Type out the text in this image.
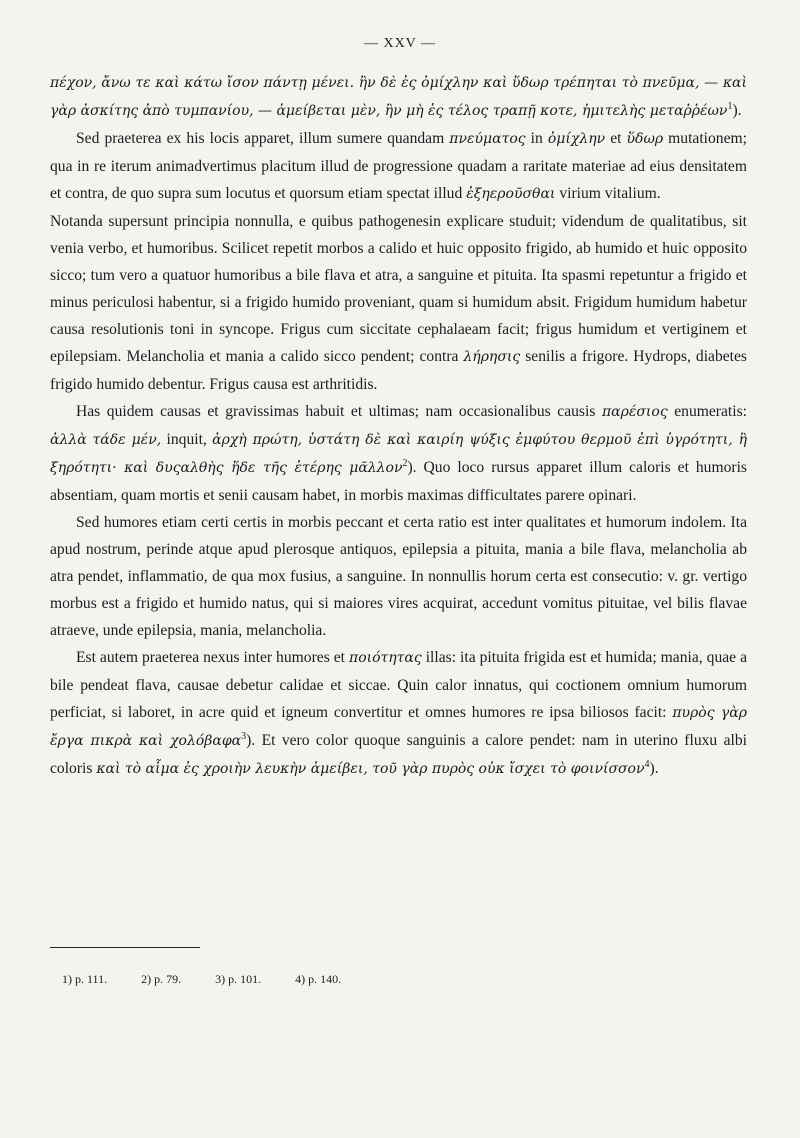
— XXV —

πέχον, ἄνω τε καὶ κάτω ἴσον πάντῃ μένει. ἢν δὲ ἐς ὀμίχλην καὶ ὕδωρ τρέπηται τὸ πνεῦμα, — καὶ γὰρ ἀσκίτης ἀπὸ τυμπανίου, — ἀμείβεται μὲν, ἢν μὴ ἐς τέλος τραπῇ κοτε, ἡμιτελὴς μεταῤῥέων$^1$).

Sed praeterea ex his locis apparet, illum sumere quandam πνεύματος in ὀμίχλην et ὕδωρ mutationem; qua in re iterum animadvertimus placitum illud de progressione quadam a raritate materiae ad eius densitatem et contra, de quo supra sum locutus et quorsum etiam spectat illud ἐξηερoῦσθαι virium vitalium.

Notanda supersunt principia nonnulla, e quibus pathogenesin explicare studuit; videndum de qualitatibus, sit venia verbo, et humoribus. Scilicet repetit morbos a calido et huic opposito frigido, ab humido et huic opposito sicco; tum vero a quatuor humoribus a bile flava et atra, a sanguine et pituita. Ita spasmi repetuntur a frigido et minus periculosi habentur, si a frigido humido proveniant, quam si humidum absit. Frigidum humidum habetur causa resolutionis toni in syncope. Frigus cum siccitate cephalaeam facit; frigus humidum et vertiginem et epilepsiam. Melancholia et mania a calido sicco pendent; contra λήρησις senilis a frigore. Hydrops, diabetes frigido humido debentur. Frigus causa est arthritidis.

Has quidem causas et gravissimas habuit et ultimas; nam occasionalibus causis παρέσιος enumeratis: ἀλλὰ τάδε μέν, inquit, ἀρχὴ πρώτη, ὑστάτη δὲ καὶ καιρίη ψύξις ἐμφύτου θερμοῦ ἐπὶ ὑγρότητι, ἢ ξηρότητι· καὶ δυςαλθὴς ἥδε τῆς ἑτέρης μᾶλλον$^2$). Quo loco rursus apparet illum caloris et humoris absentiam, quam mortis et senii causam habet, in morbis maximas difficultates parere opinari.

Sed humores etiam certi certis in morbis peccant et certa ratio est inter qualitates et humorum indolem. Ita apud nostrum, perinde atque apud plerosque antiquos, epilepsia a pituita, mania a bile flava, melancholia ab atra pendet, inflammatio, de qua mox fusius, a sanguine. In nonnullis horum certa est consecutio: v. gr. vertigo morbus est a frigido et humido natus, qui si maiores vires acquirat, accedunt vomitus pituitae, vel bilis flavae atraeve, unde epilepsia, mania, melancholia.

Est autem praeterea nexus inter humores et ποιότητας illas: ita pituita frigida est et humida; mania, quae a bile pendeat flava, causae debetur calidae et siccae. Quin calor innatus, qui coctionem omnium humorum perficiat, si laboret, in acre quid et igneum convertitur et omnes humores re ipsa biliosos facit: πυρὸς γὰρ ἔργα πικρὰ καὶ χολόβαφα$^3$). Et vero color quoque sanguinis a calore pendet: nam in uterino fluxu albi coloris καὶ τὸ αἷμα ἐς χροιὴν λευκὴν ἀμείβει, τοῦ γὰρ πυρὸς οὐκ ἴσχει τὸ φοινίσσον$^4$).

1) p. 111.	2) p. 79.	3) p. 101.	4) p. 140.
